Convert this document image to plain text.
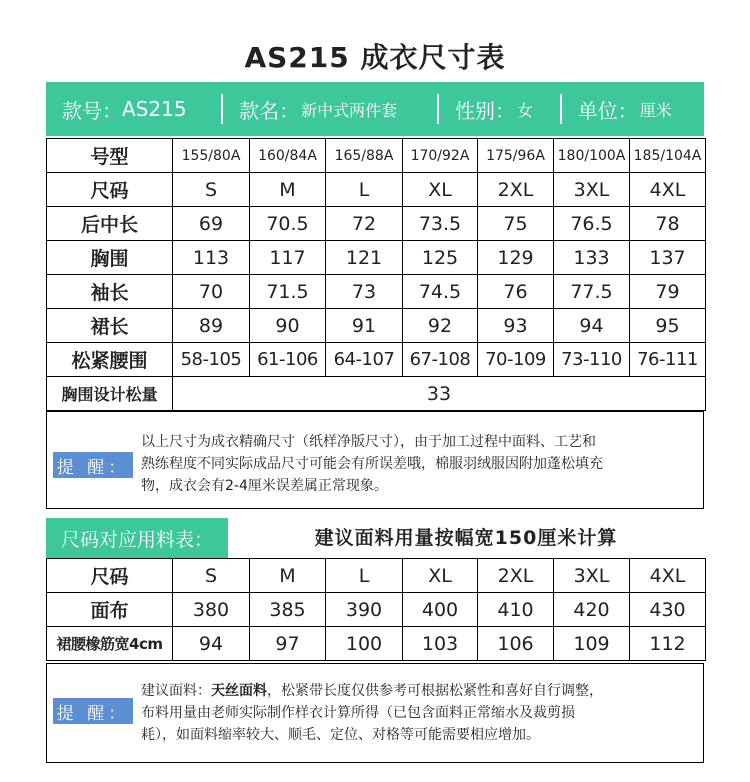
AS215 成衣尺寸表
款号： AS215	款名： 新中式两件套	性别： 女 单位： 厘米
号型	155/80A	160/84A	165/88A	170/92A	175/96A	180/100A	185/104A
尺码	S	M	L	XL	2XL	3XL	4XL
后中长	69	70.5	72	73.5	75	76.5	78
胸围	113	117	121	125	129	133	137
袖长	70	71.5	73	74.5	76	77.5	79
裙长	89	90	91	92	93	94	95
松紧腰围	58-105	61-106	64-107	67-108	70-109	73-110	76-111
胸围设计松量	33						
提 醒：
以上尺寸为成衣精确尺寸（纸样净版尺寸），由于加工过程中面料、工艺和
熟练程度不同实际成品尺寸可能会有所误差哦，棉服羽绒服因附加蓬松填充
物，成衣会有2-4厘米误差属正常现象。
尺码对应用料表：	建议面料用量按幅宽150厘米计算
尺码	S	M	L	XL	2XL	3XL	4XL
面布	380	385	390	400	410	420	430
裙腰橡筋宽4cm	94	97	100	103	106	109	112
提 醒：
建议面料：天丝面料，松紧带长度仅供参考可根据松紧性和喜好自行调整，
布料用量由老师实际制作样衣计算所得（已包含面料正常缩水及裁剪损
耗），如面料缩率较大、顺毛、定位、对格等可能需要相应增加。
